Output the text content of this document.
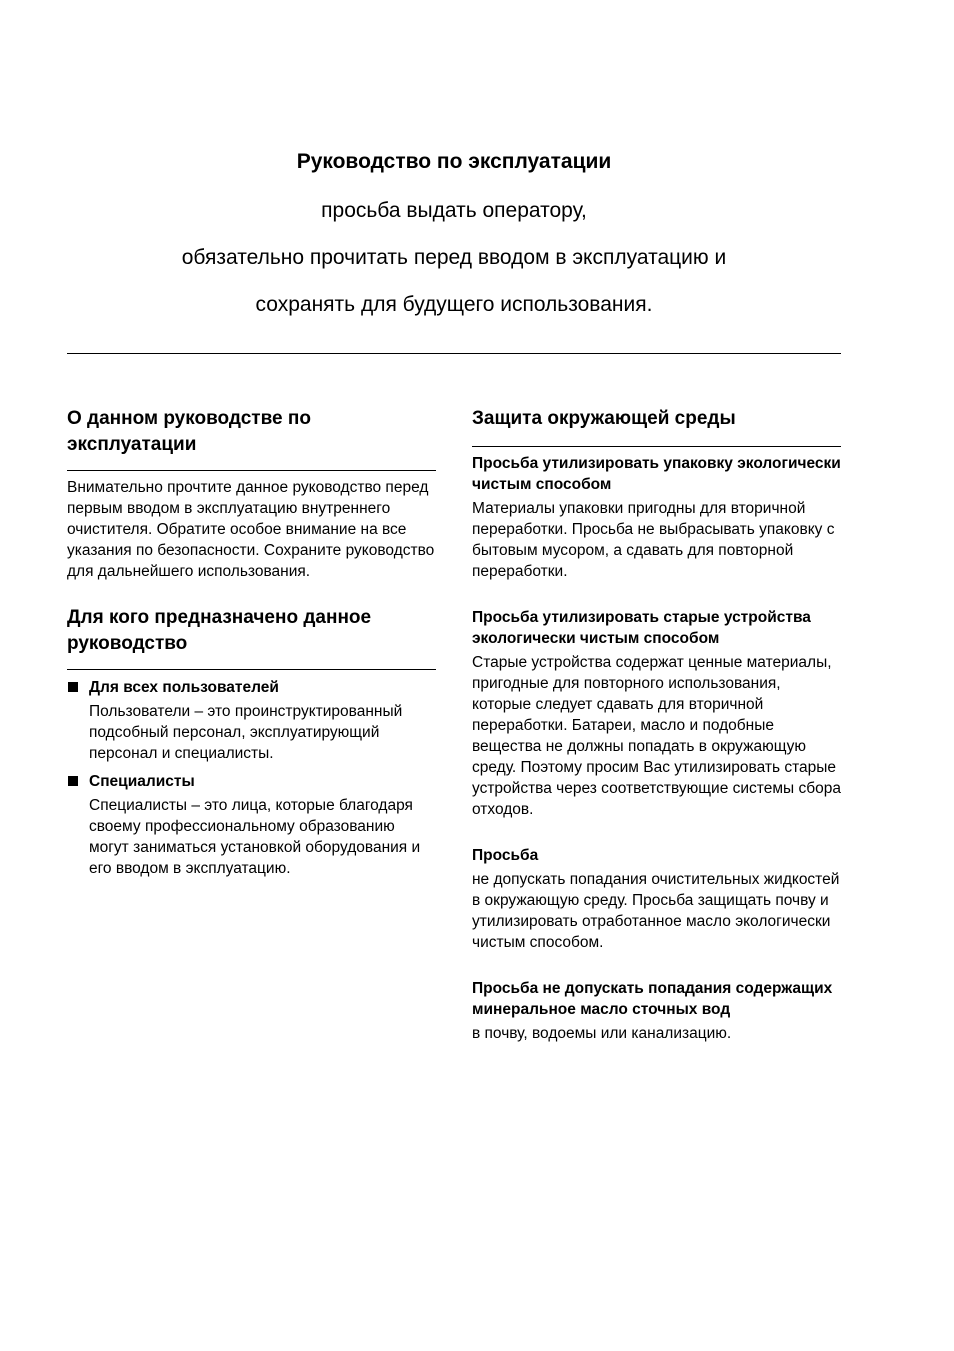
Руководство по эксплуатации
просьба выдать оператору,
обязательно прочитать перед вводом в эксплуатацию и
сохранять для будущего использования.
О данном руководстве по эксплуатации

Внимательно прочтите данное руководство перед первым вводом в эксплуатацию внутреннего очистителя. Обратите особое внимание на все указания по безопасности. Сохраните руководство для дальнейшего использования.

Для кого предназначено данное руководство

Для всех пользователей

Пользователи – это проинструктированный подсобный персонал, эксплуатирующий персонал и специалисты.

Специалисты

Специалисты – это лица, которые благодаря своему профессиональному образованию могут заниматься установкой оборудования и его вводом в эксплуатацию.

Защита окружающей среды

Просьба утилизировать упаковку экологически чистым способом

Материалы упаковки пригодны для вторичной переработки. Просьба не выбрасывать упаковку с бытовым мусором, а сдавать для повторной переработки.

Просьба утилизировать старые устройства экологически чистым способом

Старые устройства содержат ценные материалы, пригодные для повторного использования, которые следует сдавать для вторичной переработки. Батареи, масло и подобные вещества не должны попадать в окружающую среду. Поэтому просим Вас утилизировать старые устройства через соответствующие системы сбора отходов.

Просьба

не допускать попадания очистительных жидкостей в окружающую среду. Просьба защищать почву и утилизировать отработанное масло экологически чистым способом.

Просьба не допускать попадания содержащих минеральное масло сточных вод

в почву, водоемы или канализацию.
